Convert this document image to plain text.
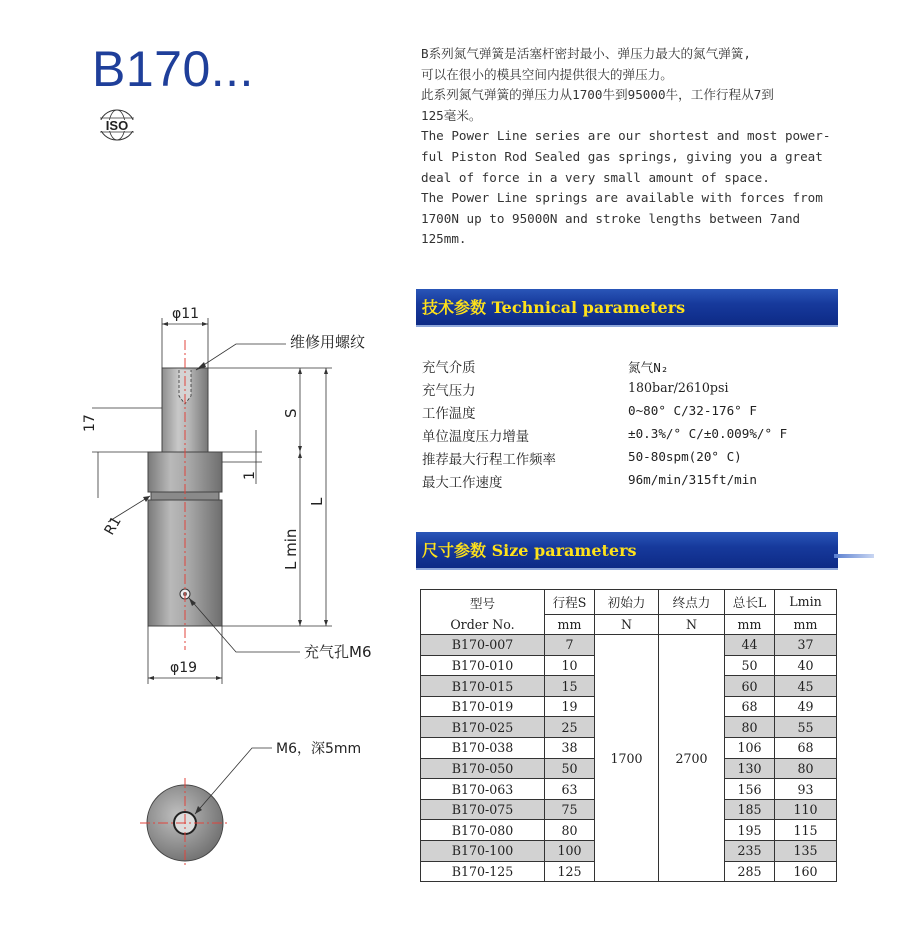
B170...
ISO
B系列氮气弹簧是活塞杆密封最小、弹压力最大的氮气弹簧,
可以在很小的模具空间内提供很大的弹压力。
此系列氮气弹簧的弹压力从1700牛到95000牛，工作行程从7到
125毫米。
The Power Line series are our shortest and most power-
ful Piston Rod Sealed gas springs, giving you a great
deal of force in a very small amount of space.
The Power Line springs are available with forces from
1700N up to 95000N and stroke lengths between 7and
125mm.
技术参数 Technical parameters
充气介质	氮气N₂
充气压力	180bar/2610psi
工作温度	0~80° C/32-176° F
单位温度压力增量	±0.3%/° C/±0.009%/° F
推荐最大行程工作频率	50-80spm(20° C)
最大工作速度	96m/min/315ft/min
尺寸参数 Size parameters
型号	行程S	初始力	终点力	总长L	Lmin
Order No.	mm	N	N	mm	mm
B170-007	7	1700	2700	44	37
B170-010	10			50	40
B170-015	15			60	45
B170-019	19			68	49
B170-025	25			80	55
B170-038	38			106	68
B170-050	50			130	80
B170-063	63			156	93
B170-075	75			185	110
B170-080	80			195	115
B170-100	100			235	135
B170-125	125			285	160
φ11
维修用螺纹
17
R1
1
S
L
L min
充气孔M6
φ19
M6，深5mm
